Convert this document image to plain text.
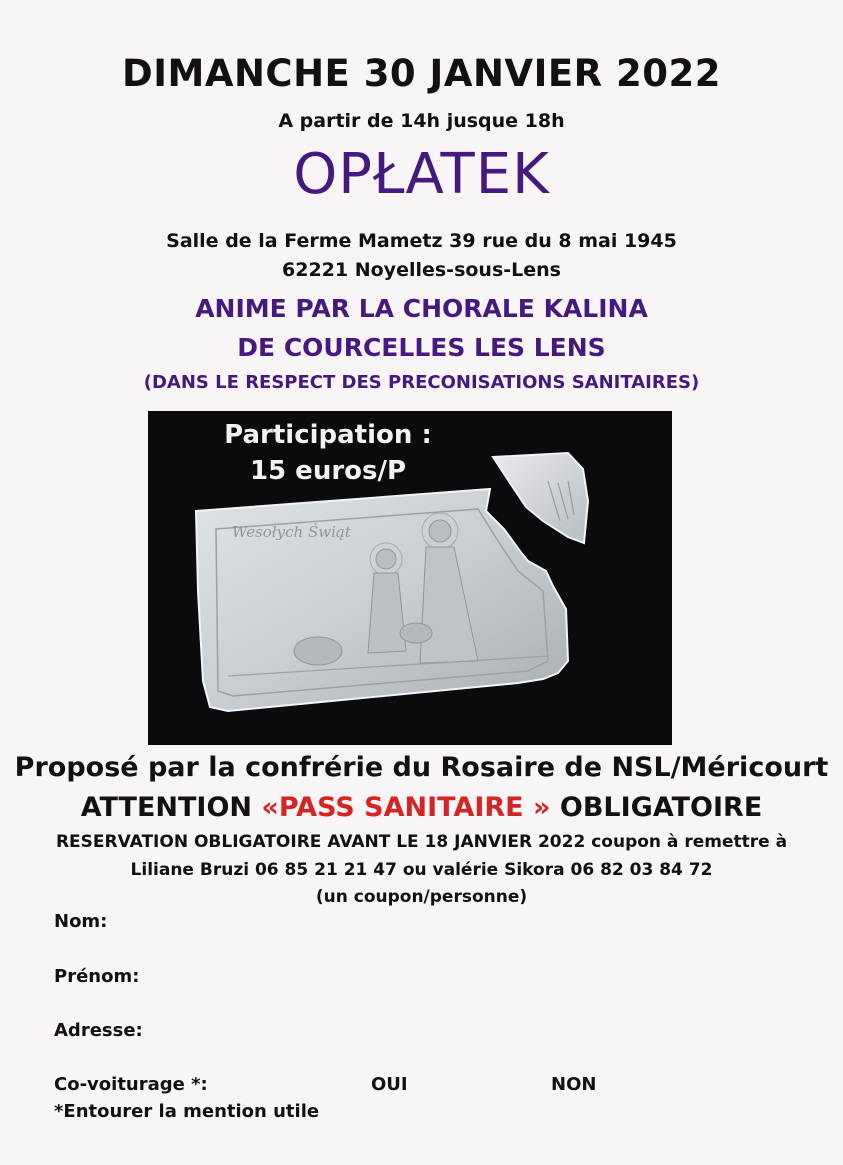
DIMANCHE 30 JANVIER 2022
A partir de 14h jusque 18h
OPŁATEK
Salle de la Ferme Mametz 39 rue du 8 mai 1945
62221 Noyelles-sous-Lens
ANIME PAR LA CHORALE KALINA
DE COURCELLES LES LENS
(DANS LE RESPECT DES PRECONISATIONS SANITAIRES)
Wesołych Świąt
Participation :
15 euros/P
Proposé par la confrérie du Rosaire de NSL/Méricourt
ATTENTION «PASS SANITAIRE » OBLIGATOIRE
RESERVATION OBLIGATOIRE AVANT LE 18 JANVIER 2022 coupon à remettre à
Liliane Bruzi 06 85 21 21 47 ou valérie Sikora 06 82 03 84 72
(un coupon/personne)
Nom:
Prénom:
Adresse:
Co-voiturage *:	OUI	NON
*Entourer la mention utile
